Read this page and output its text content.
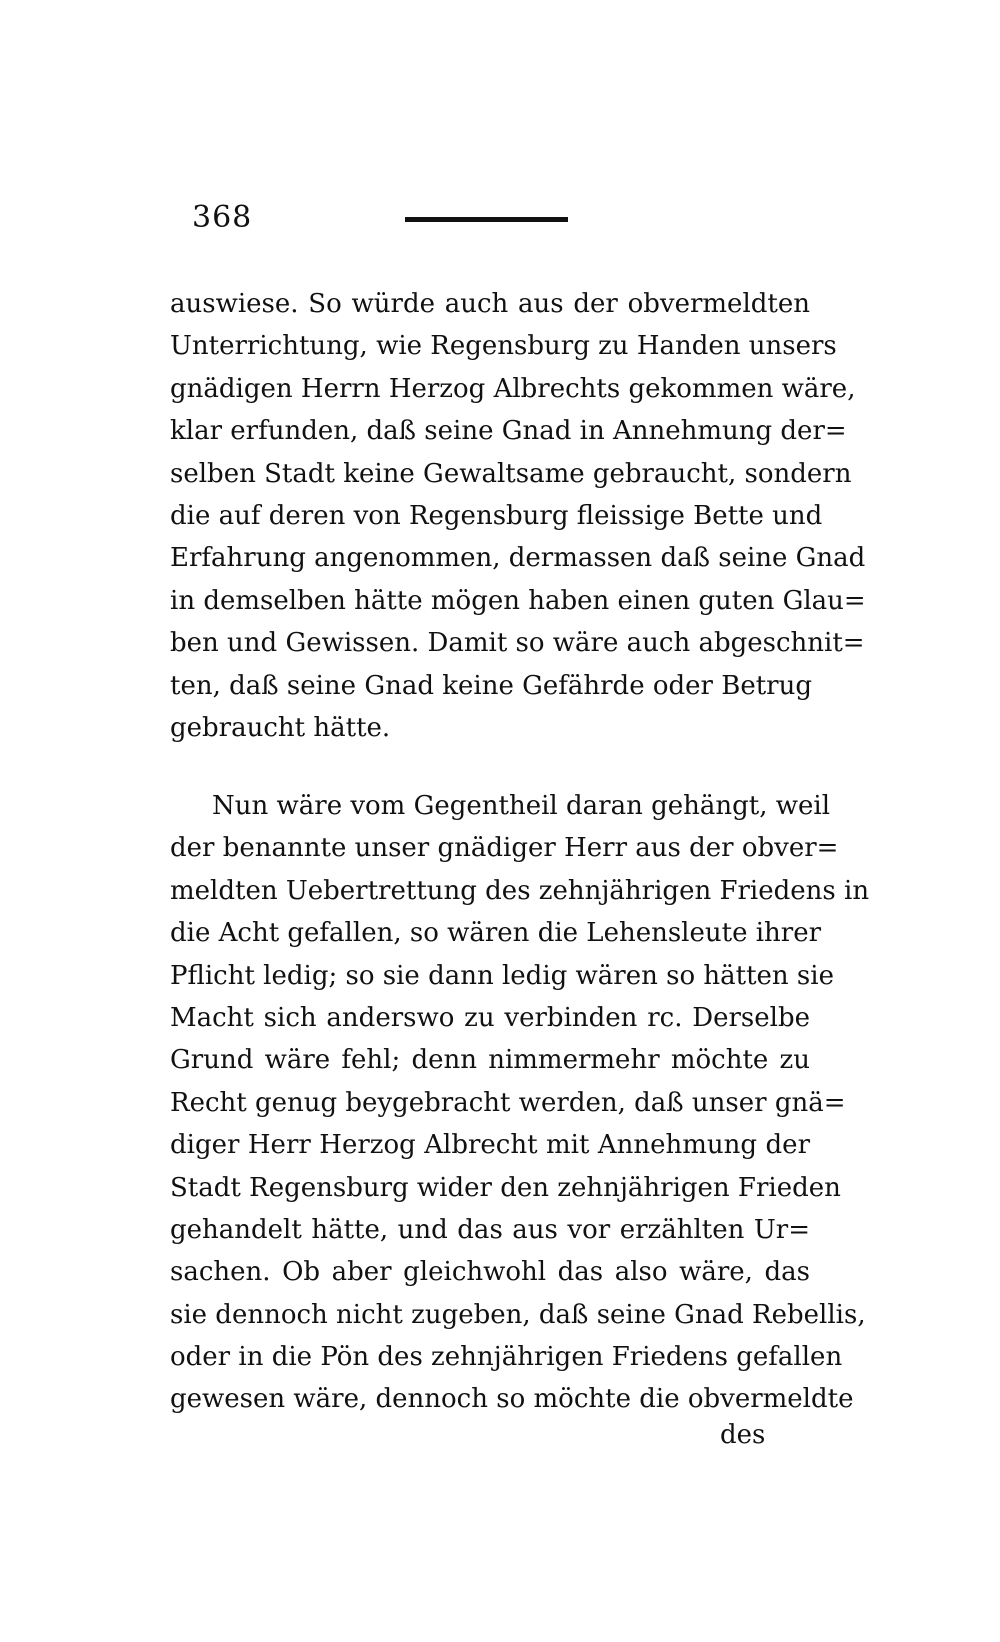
368
auswiese. So würde auch aus der obvermeldten
Unterrichtung, wie Regensburg zu Handen unsers
gnädigen Herrn Herzog Albrechts gekommen wäre,
klar erfunden, daß seine Gnad in Annehmung der=
selben Stadt keine Gewaltsame gebraucht, sondern
die auf deren von Regensburg fleissige Bette und
Erfahrung angenommen, dermassen daß seine Gnad
in demselben hätte mögen haben einen guten Glau=
ben und Gewissen. Damit so wäre auch abgeschnit=
ten, daß seine Gnad keine Gefährde oder Betrug
gebraucht hätte.
Nun wäre vom Gegentheil daran gehängt, weil
der benannte unser gnädiger Herr aus der obver=
meldten Uebertrettung des zehnjährigen Friedens in
die Acht gefallen, so wären die Lehensleute ihrer
Pflicht ledig; so sie dann ledig wären so hätten sie
Macht sich anderswo zu verbinden rc. Derselbe
Grund wäre fehl; denn nimmermehr möchte zu
Recht genug beygebracht werden, daß unser gnä=
diger Herr Herzog Albrecht mit Annehmung der
Stadt Regensburg wider den zehnjährigen Frieden
gehandelt hätte, und das aus vor erzählten Ur=
sachen. Ob aber gleichwohl das also wäre, das
sie dennoch nicht zugeben, daß seine Gnad Rebellis,
oder in die Pön des zehnjährigen Friedens gefallen
gewesen wäre, dennoch so möchte die obvermeldte
des
